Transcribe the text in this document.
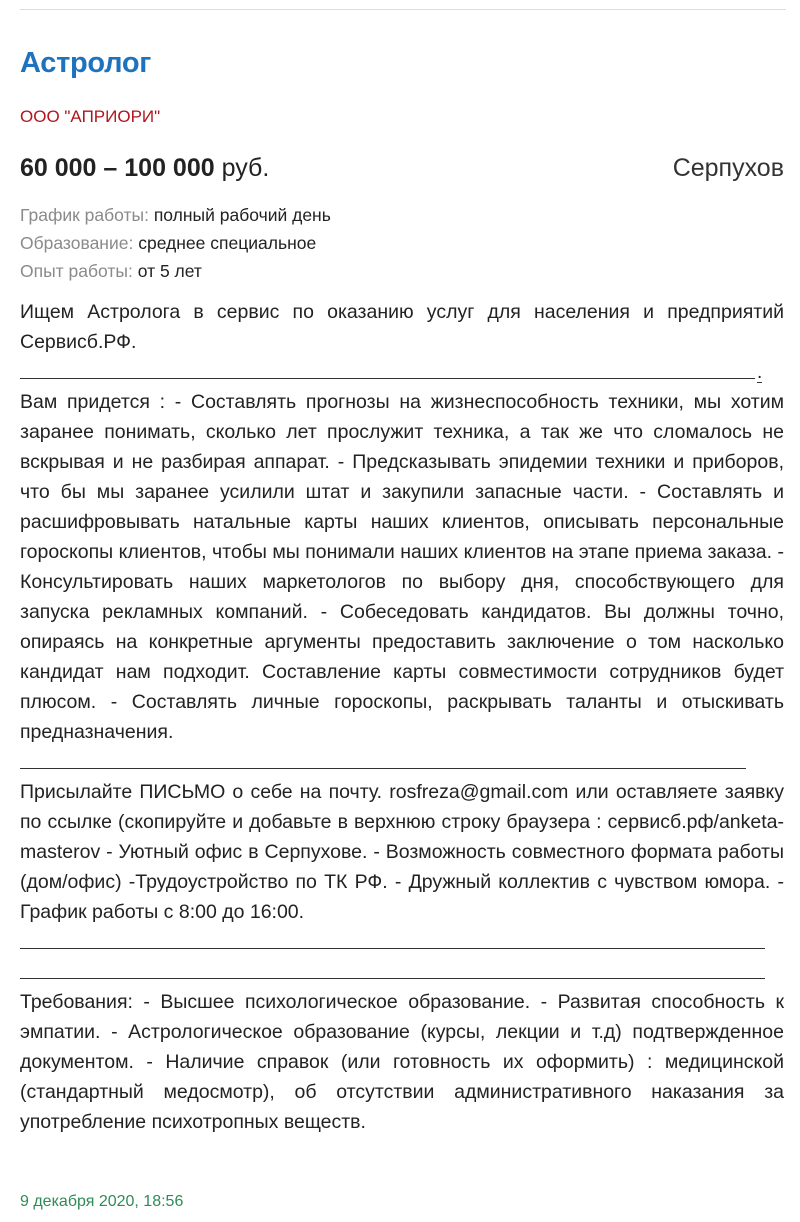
Астролог
ООО "АПРИОРИ"
60 000 – 100 000 руб.	Серпухов
График работы: полный рабочий день
Образование: среднее специальное
Опыт работы: от 5 лет

Ищем Астролога в сервис по оказанию услуг для населения и предприятий Сервисб.РФ.

.

Вам придется : - Составлять прогнозы на жизнеспособность техники, мы хотим заранее понимать, сколько лет прослужит техника, а так же что сломалось не вскрывая и не разбирая аппарат. - Предсказывать эпидемии техники и приборов, что бы мы заранее усилили штат и закупили запасные части. - Составлять и расшифровывать натальные карты наших клиентов, описывать персональные гороскопы клиентов, чтобы мы понимали наших клиентов на этапе приема заказа. - Консультировать наших маркетологов по выбору дня, способствующего для запуска рекламных компаний. - Собеседовать кандидатов. Вы должны точно, опираясь на конкретные аргументы предоставить заключение о том насколько кандидат нам подходит. Составление карты совместимости сотрудников будет плюсом. - Составлять личные гороскопы, раскрывать таланты и отыскивать предназначения.

Присылайте ПИСЬМО о себе на почту. rosfreza@gmail.com или оставляете заявку по ссылке (скопируйте и добавьте в верхнюю строку браузера : сервисб.рф/anketa-masterov - Уютный офис в Серпухове. - Возможность совместного формата работы (дом/офис) -Трудоустройство по ТК РФ. - Дружный коллектив с чувством юмора. - График работы с 8:00 до 16:00.

Требования: - Высшее психологическое образование. - Развитая способность к эмпатии. - Астрологическое образование (курсы, лекции и т.д) подтвержденное документом. - Наличие справок (или готовность их оформить) : медицинской (стандартный медосмотр), об отсутствии административного наказания за употребление психотропных веществ.

9 декабря 2020, 18:56
